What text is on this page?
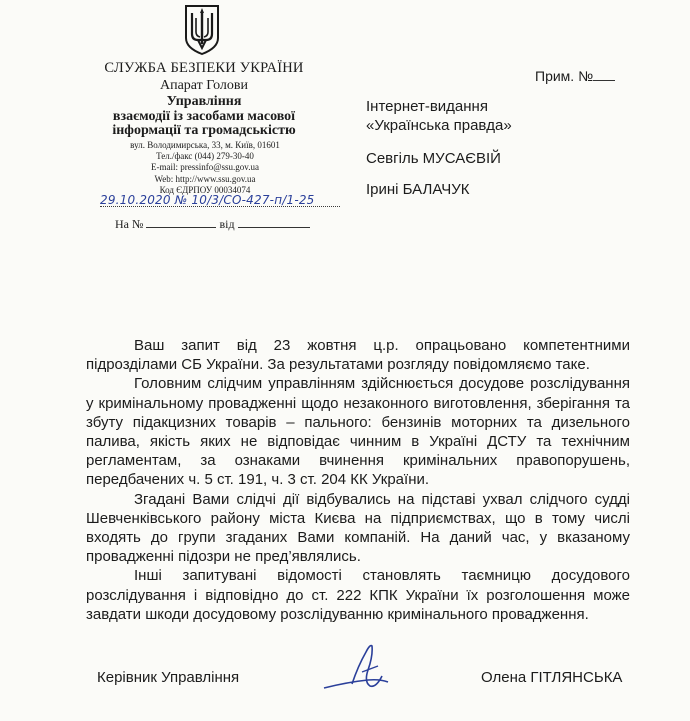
СЛУЖБА БЕЗПЕКИ УКРАЇНИ
Апарат Голови
Управління
взаємодії із засобами масової
інформації та громадськістю
вул. Володимирська, 33, м. Київ, 01601
Тел./факс (044) 279-30-40
E-mail: pressinfo@ssu.gov.ua
Web: http://www.ssu.gov.ua
Код ЄДРПОУ 00034074
29.10.2020 № 10/3/СО-427-п/1-25
На №	від
Прим. №
Інтернет-видання
«Українська правда»
Севгіль МУСАЄВІЙ
Ірині БАЛАЧУК

Ваш запит від 23 жовтня ц.р. опрацьовано компетентними підрозділами СБ України. За результатами розгляду повідомляємо таке.

Головним слідчим управлінням здійснюється досудове розслідування у кримінальному провадженні щодо незаконного виготовлення, зберігання та збуту підакцизних товарів – пального: бензинів моторних та дизельного палива, якість яких не відповідає чинним в Україні ДСТУ та технічним регламентам, за ознаками вчинення кримінальних правопорушень, передбачених ч. 5 ст. 191, ч. 3 ст. 204 КК України.

Згадані Вами слідчі дії відбувались на підставі ухвал слідчого судді Шевченківського району міста Києва на підприємствах, що в тому числі входять до групи згаданих Вами компаній. На даний час, у вказаному провадженні підозри не пред’являлись.

Інші запитувані відомості становлять таємницю досудового розслідування і відповідно до ст. 222 КПК України їх розголошення може завдати шкоди досудовому розслідуванню кримінального провадження.

Керівник Управління	Олена ГІТЛЯНСЬКА
